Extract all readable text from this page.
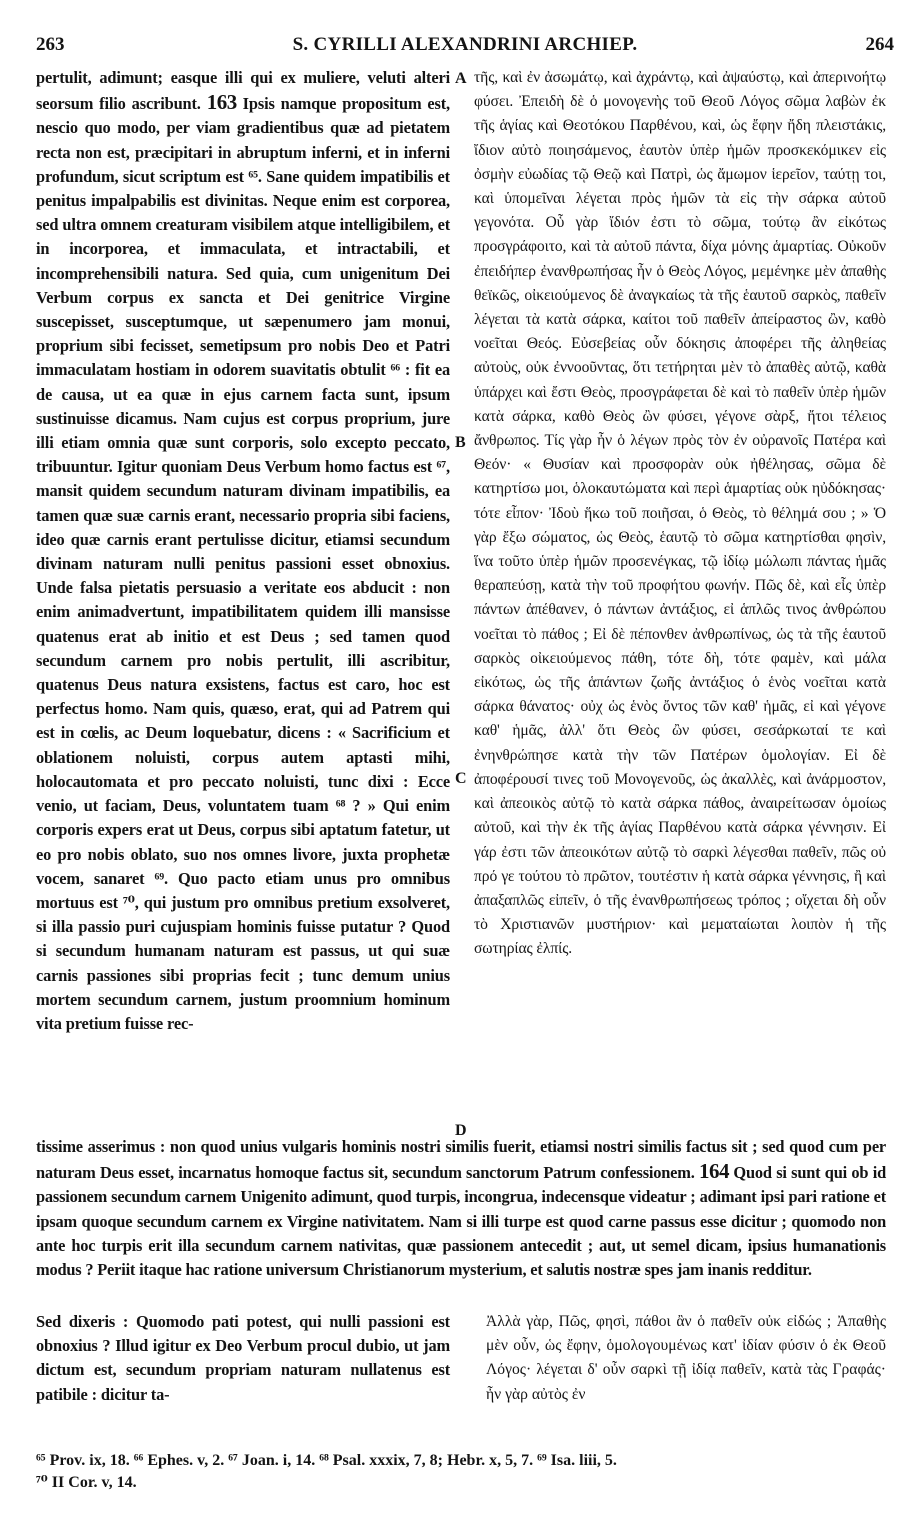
263	S. CYRILLI ALEXANDRINI ARCHIEP.	264
pertulit, adimunt; easque illi qui ex muliere, veluti alteri seorsum filio ascribunt. 163 Ipsis namque propositum est, nescio quo modo, per viam gradientibus quæ ad pietatem recta non est, præcipitari in abruptum inferni, et in inferni profundum, sicut scriptum est ⁶⁵. Sane quidem impatibilis et penitus impalpabilis est divinitas. Neque enim est corporea, sed ultra omnem creaturam visibilem atque intelligibilem, et in incorporea, et immaculata, et intractabili, et incomprehensibili natura. Sed quia, cum unigenitum Dei Verbum corpus ex sancta et Dei genitrice Virgine suscepisset, susceptumque, ut sæpenumero jam monui, proprium sibi fecisset, semetipsum pro nobis Deo et Patri immaculatam hostiam in odorem suavitatis obtulit ⁶⁶ : fit ea de causa, ut ea quæ in ejus carnem facta sunt, ipsum sustinuisse dicamus. Nam cujus est corpus proprium, jure illi etiam omnia quæ sunt corporis, solo excepto peccato, tribuuntur. Igitur quoniam Deus Verbum homo factus est ⁶⁷, mansit quidem secundum naturam divinam impatibilis, ea tamen quæ suæ carnis erant, necessario propria sibi faciens, ideo quæ carnis erant pertulisse dicitur, etiamsi secundum divinam naturam nulli penitus passioni esset obnoxius. Unde falsa pietatis persuasio a veritate eos abducit : non enim animadvertunt, impatibilitatem quidem illi mansisse quatenus erat ab initio et est Deus ; sed tamen quod secundum carnem pro nobis pertulit, illi ascribitur, quatenus Deus natura exsistens, factus est caro, hoc est perfectus homo. Nam quis, quæso, erat, qui ad Patrem qui est in cœlis, ac Deum loquebatur, dicens : « Sacrificium et oblationem noluisti, corpus autem aptasti mihi, holocautomata et pro peccato noluisti, tunc dixi : Ecce venio, ut faciam, Deus, voluntatem tuam ⁶⁸ ? » Qui enim corporis expers erat ut Deus, corpus sibi aptatum fatetur, ut eo pro nobis oblato, suo nos omnes livore, juxta prophetæ vocem, sanaret ⁶⁹. Quo pacto etiam unus pro omnibus mortuus est ⁷⁰, qui justum pro omnibus pretium exsolveret, si illa passio puri cujuspiam hominis fuisse putatur ? Quod si secundum humanam naturam est passus, ut qui suæ carnis passiones sibi proprias fecit ; tunc demum unius mortem secundum carnem, justum proomnium hominum vita pretium fuisse rec-
τῆς, καὶ ἐν ἀσωμάτῳ, καὶ ἀχράντῳ, καὶ ἀψαύστῳ, καὶ ἀπερινοήτῳ φύσει. Ἐπειδὴ δὲ ὁ μονογενὴς τοῦ Θεοῦ Λόγος σῶμα λαβὼν ἐκ τῆς ἁγίας καὶ Θεοτόκου Παρθένου, καὶ, ὡς ἔφην ἤδη πλειστάκις, ἴδιον αὐτὸ ποιησάμενος, ἑαυτὸν ὑπὲρ ἡμῶν προσκεκόμικεν εἰς ὀσμὴν εὐωδίας τῷ Θεῷ καὶ Πατρὶ, ὡς ἄμωμον ἱερεῖον, ταύτῃ τοι, καὶ ὑπομεῖναι λέγεται πρὸς ἡμῶν τὰ εἰς τὴν σάρκα αὐτοῦ γεγονότα. Οὗ γὰρ ἴδιόν ἐστι τὸ σῶμα, τούτῳ ἂν εἰκότως προσγράφοιτο, καὶ τὰ αὐτοῦ πάντα, δίχα μόνης ἁμαρτίας. Οὐκοῦν ἐπειδήπερ ἐνανθρωπήσας ἦν ὁ Θεὸς Λόγος, μεμένηκε μὲν ἀπαθὴς θεϊκῶς, οἰκειούμενος δὲ ἀναγκαίως τὰ τῆς ἑαυτοῦ σαρκὸς, παθεῖν λέγεται τὰ κατὰ σάρκα, καίτοι τοῦ παθεῖν ἀπείραστος ὢν, καθὸ νοεῖται Θεός. Εὐσεβείας οὖν δόκησις ἀποφέρει τῆς ἀληθείας αὐτοὺς, οὐκ ἐννοοῦντας, ὅτι τετήρηται μὲν τὸ ἀπαθὲς αὐτῷ, καθὰ ὑπάρχει καὶ ἔστι Θεὸς, προσγράφεται δὲ καὶ τὸ παθεῖν ὑπὲρ ἡμῶν κατὰ σάρκα, καθὸ Θεὸς ὢν φύσει, γέγονε σὰρξ, ἤτοι τέλειος ἄνθρωπος. Τίς γὰρ ἦν ὁ λέγων πρὸς τὸν ἐν οὐρανοῖς Πατέρα καὶ Θεόν· « Θυσίαν καὶ προσφορὰν οὐκ ἠθέλησας, σῶμα δὲ κατηρτίσω μοι, ὁλοκαυτώματα καὶ περὶ ἁμαρτίας οὐκ ηὐδόκησας· τότε εἶπον· Ἰδοὺ ἥκω τοῦ ποιῆσαι, ὁ Θεὸς, τὸ θέλημά σου ; » Ὁ γὰρ ἔξω σώματος, ὡς Θεὸς, ἑαυτῷ τὸ σῶμα κατηρτίσθαι φησὶν, ἵνα τοῦτο ὑπὲρ ἡμῶν προσενέγκας, τῷ ἰδίῳ μώλωπι πάντας ἡμᾶς θεραπεύσῃ, κατὰ τὴν τοῦ προφήτου φωνήν. Πῶς δὲ, καὶ εἷς ὑπὲρ πάντων ἀπέθανεν, ὁ πάντων ἀντάξιος, εἰ ἁπλῶς τινος ἀνθρώπου νοεῖται τὸ πάθος ; Εἰ δὲ πέπονθεν ἀνθρωπίνως, ὡς τὰ τῆς ἑαυτοῦ σαρκὸς οἰκειούμενος πάθη, τότε δὴ, τότε φαμὲν, καὶ μάλα εἰκότως, ὡς τῆς ἁπάντων ζωῆς ἀντάξιος ὁ ἑνὸς νοεῖται κατὰ σάρκα θάνατος· οὐχ ὡς ἑνὸς ὄντος τῶν καθ' ἡμᾶς, εἰ καὶ γέγονε καθ' ἡμᾶς, ἀλλ' ὅτι Θεὸς ὢν φύσει, σεσάρκωταί τε καὶ ἐνηνθρώπησε κατὰ τὴν τῶν Πατέρων ὁμολογίαν. Εἰ δὲ ἀποφέρουσί τινες τοῦ Μονογενοῦς, ὡς ἀκαλλὲς, καὶ ἀνάρμοστον, καὶ ἀπεοικὸς αὐτῷ τὸ κατὰ σάρκα πάθος, ἀναιρείτωσαν ὁμοίως αὐτοῦ, καὶ τὴν ἐκ τῆς ἁγίας Παρθένου κατὰ σάρκα γέννησιν. Εἰ γάρ ἐστι τῶν ἀπεοικότων αὐτῷ τὸ σαρκὶ λέγεσθαι παθεῖν, πῶς οὐ πρό γε τούτου τὸ πρῶτον, τουτέστιν ἡ κατὰ σάρκα γέννησις, ἢ καὶ ἀπαξαπλῶς εἰπεῖν, ὁ τῆς ἐνανθρωπήσεως τρόπος ; οἴχεται δὴ οὖν τὸ Χριστιανῶν μυστήριον· καὶ μεματαίωται λοιπὸν ἡ τῆς σωτηρίας ἐλπίς.
A
B
C
D
tissime asserimus : non quod unius vulgaris hominis nostri similis fuerit, etiamsi nostri similis factus sit ; sed quod cum per naturam Deus esset, incarnatus homoque factus sit, secundum sanctorum Patrum confessionem. 164 Quod si sunt qui ob id passionem secundum carnem Unigenito adimunt, quod turpis, incongrua, indecensque videatur ; adimant ipsi pari ratione et ipsam quoque secundum carnem ex Virgine nativitatem. Nam si illi turpe est quod carne passus esse dicitur ; quomodo non ante hoc turpis erit illa secundum carnem nativitas, quæ passionem antecedit ; aut, ut semel dicam, ipsius humanationis modus ? Periit itaque hac ratione universum Christianorum mysterium, et salutis nostræ spes jam inanis redditur.
Sed dixeris : Quomodo pati potest, qui nulli passioni est obnoxius ? Illud igitur ex Deo Verbum procul dubio, ut jam dictum est, secundum propriam naturam nullatenus est patibile : dicitur ta-
Ἀλλὰ γὰρ, Πῶς, φησὶ, πάθοι ἂν ὁ παθεῖν οὐκ εἰδώς ; Ἀπαθὴς μὲν οὖν, ὡς ἔφην, ὁμολογουμένως κατ' ἰδίαν φύσιν ὁ ἐκ Θεοῦ Λόγος· λέγεται δ' οὖν σαρκὶ τῇ ἰδίᾳ παθεῖν, κατὰ τὰς Γραφάς· ἦν γὰρ αὐτὸς ἐν
⁶⁵ Prov. ix, 18. ⁶⁶ Ephes. v, 2. ⁶⁷ Joan. i, 14. ⁶⁸ Psal. xxxix, 7, 8; Hebr. x, 5, 7. ⁶⁹ Isa. liii, 5.
⁷⁰ II Cor. v, 14.
